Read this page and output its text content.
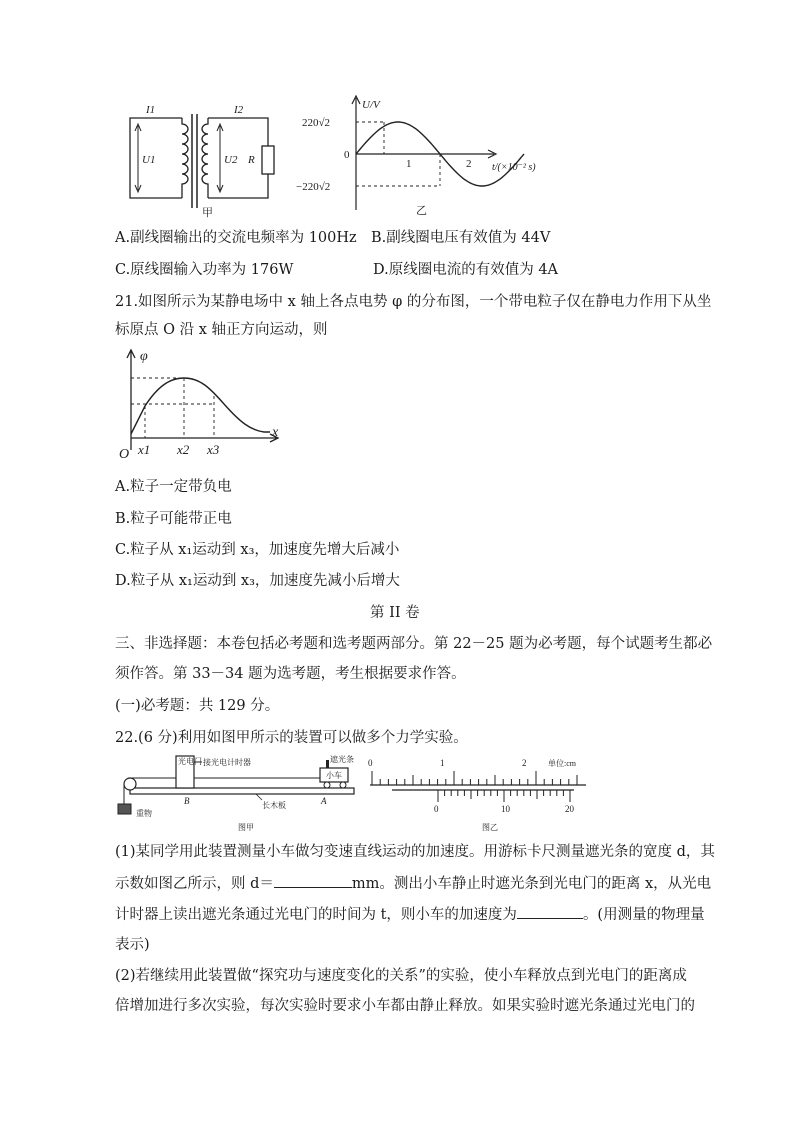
I1	I2
U1	U2 R
甲
U/V
220√2
0
−220√2
1	2 t/(×10⁻² s)
乙
A.副线圈输出的交流电频率为 100Hz B.副线圈电压有效值为 44V
C.原线圈输入功率为 176W	D.原线圈电流的有效值为 4A
21.如图所示为某静电场中 x 轴上各点电势 φ 的分布图，一个带电粒子仅在静电力作用下从坐
标原点 O 沿 x 轴正方向运动，则
φ
x
O x1 x2 x3
A.粒子一定带负电
B.粒子可能带正电
C.粒子从 x₁运动到 x₃，加速度先增大后减小
D.粒子从 x₁运动到 x₃，加速度先减小后增大
第 II 卷
三、非选择题：本卷包括必考题和选考题两部分。第 22－25 题为必考题，每个试题考生都必
须作答。第 33－34 题为选考题，考生根据要求作答。
(一)必考题：共 129 分。
22.(6 分)利用如图甲所示的装置可以做多个力学实验。
光电门 接光电计时器	遮光条
小车
B	A
长木板
重物
图甲
0	1	2	单位:cm
0	10	20
图乙
(1)某同学用此装置测量小车做匀变速直线运动的加速度。用游标卡尺测量遮光条的宽度 d，其
示数如图乙所示，则 d＝	mm。测出小车静止时遮光条到光电门的距离 x，从光电
计时器上读出遮光条通过光电门的时间为 t，则小车的加速度为	。(用测量的物理量
表示)
(2)若继续用此装置做“探究功与速度变化的关系”的实验，使小车释放点到光电门的距离成
倍增加进行多次实验，每次实验时要求小车都由静止释放。如果实验时遮光条通过光电门的
